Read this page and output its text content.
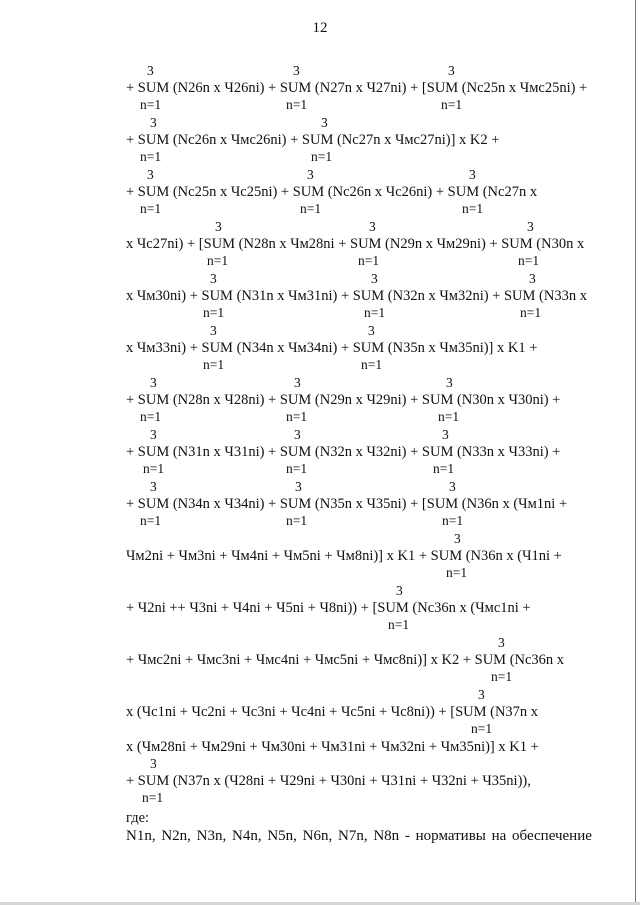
12
3	3	3
+ SUM (N26n x Ч26ni) + SUM (N27n x Ч27ni) + [SUM (Nс25n x Чмс25ni) +
n=1	n=1	n=1
3	3
+ SUM (Nс26n x Чмс26ni) + SUM (Nс27n x Чмс27ni)] x K2 +
n=1	n=1
3	3	3
+ SUM (Nс25n x Чс25ni) + SUM (Nс26n x Чс26ni) + SUM (Nс27n x
n=1	n=1	n=1
3	3	3
x Чс27ni) + [SUM (N28n x Чм28ni + SUM (N29n x Чм29ni) + SUM (N30n x
n=1	n=1	n=1
3	3	3
x Чм30ni) + SUM (N31n x Чм31ni) + SUM (N32n x Чм32ni) + SUM (N33n x
n=1	n=1	n=1
3	3
x Чм33ni) + SUM (N34n x Чм34ni) + SUM (N35n x Чм35ni)] x K1 +
n=1	n=1
3	3	3
+ SUM (N28n x Ч28ni) + SUM (N29n x Ч29ni) + SUM (N30n x Ч30ni) +
n=1	n=1	n=1
3	3	3
+ SUM (N31n x Ч31ni) + SUM (N32n x Ч32ni) + SUM (N33n x Ч33ni) +
n=1	n=1	n=1
3	3	3
+ SUM (N34n x Ч34ni) + SUM (N35n x Ч35ni) + [SUM (N36n x (Чм1ni +
n=1	n=1	n=1
3
Чм2ni + Чм3ni + Чм4ni + Чм5ni + Чм8ni)] x K1 + SUM (N36n x (Ч1ni +
n=1
3
+ Ч2ni ++ Ч3ni + Ч4ni + Ч5ni + Ч8ni)) + [SUM (Nс36n x (Чмс1ni +
n=1
3
+ Чмс2ni + Чмс3ni + Чмс4ni + Чмс5ni + Чмс8ni)] x K2 + SUM (Nс36n x
n=1
3
x (Чс1ni + Чс2ni + Чс3ni + Чс4ni + Чс5ni + Чс8ni)) + [SUM (N37n x
n=1
x (Чм28ni + Чм29ni + Чм30ni + Чм31ni + Чм32ni + Чм35ni)] x K1 +
3
+ SUM (N37n x (Ч28ni + Ч29ni + Ч30ni + Ч31ni + Ч32ni + Ч35ni)),
n=1
где:
N1n, N2n, N3n, N4n, N5n, N6n, N7n, N8n - нормативы на обеспечение
